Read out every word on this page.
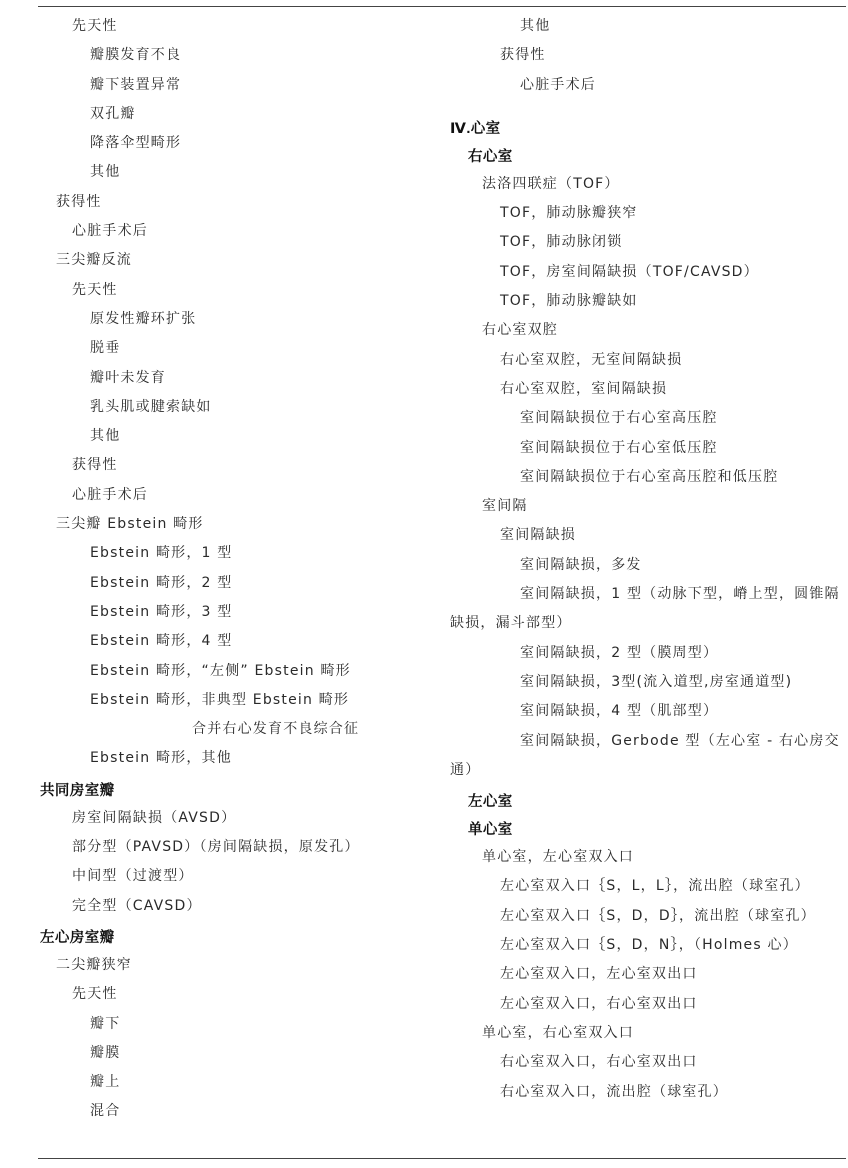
先天性
瓣膜发育不良
瓣下装置异常
双孔瓣
降落伞型畸形
其他
获得性
心脏手术后
三尖瓣反流
先天性
原发性瓣环扩张
脱垂
瓣叶未发育
乳头肌或腱索缺如
其他
获得性
心脏手术后
三尖瓣 Ebstein 畸形
Ebstein 畸形，1 型
Ebstein 畸形，2 型
Ebstein 畸形，3 型
Ebstein 畸形，4 型
Ebstein 畸形，“左侧” Ebstein 畸形
Ebstein 畸形，非典型 Ebstein 畸形
合并右心发育不良综合征
Ebstein 畸形，其他
共同房室瓣
房室间隔缺损（AVSD）
部分型（PAVSD）（房间隔缺损，原发孔）
中间型（过渡型）
完全型（CAVSD）
左心房室瓣
二尖瓣狭窄
先天性
瓣下
瓣膜
瓣上
混合
其他
获得性
心脏手术后
Ⅳ.心室
右心室
法洛四联症（TOF）
TOF，肺动脉瓣狭窄
TOF，肺动脉闭锁
TOF，房室间隔缺损（TOF/CAVSD）
TOF，肺动脉瓣缺如
右心室双腔
右心室双腔，无室间隔缺损
右心室双腔，室间隔缺损
室间隔缺损位于右心室高压腔
室间隔缺损位于右心室低压腔
室间隔缺损位于右心室高压腔和低压腔
室间隔
室间隔缺损
室间隔缺损，多发
室间隔缺损，1 型（动脉下型，嵴上型，圆锥隔缺损，漏斗部型）
室间隔缺损，2 型（膜周型）
室间隔缺损，3型(流入道型,房室通道型)
室间隔缺损，4 型（肌部型）
室间隔缺损，Gerbode 型（左心室 - 右心房交通）
左心室
单心室
单心室，左心室双入口
左心室双入口｛S，L，L｝，流出腔（球室孔）
左心室双入口｛S，D，D｝，流出腔（球室孔）
左心室双入口｛S，D，N｝，（Holmes 心）
左心室双入口，左心室双出口
左心室双入口，右心室双出口
单心室，右心室双入口
右心室双入口，右心室双出口
右心室双入口，流出腔（球室孔）
